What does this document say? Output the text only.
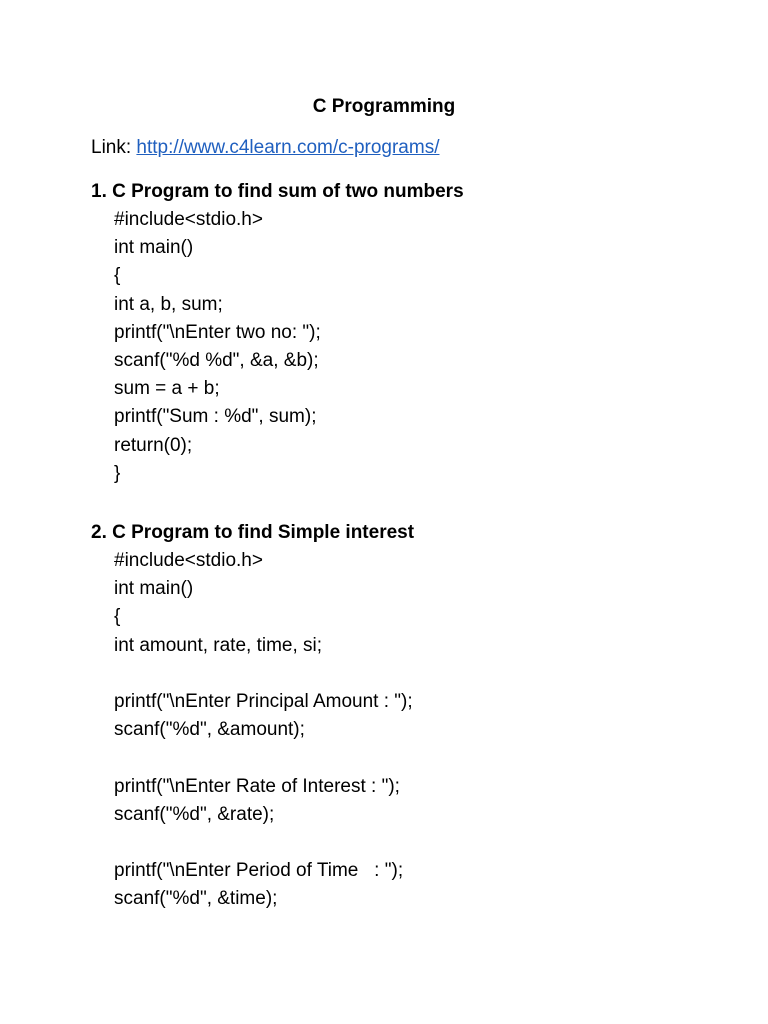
C Programming
Link: http://www.c4learn.com/c-programs/
1. C Program to find sum of two numbers
#include<stdio.h>
int main()
{
int a, b, sum;
printf("\nEnter two no: ");
scanf("%d %d", &a, &b);
sum = a + b;
printf("Sum : %d", sum);
return(0);
}
2. C Program to find Simple interest
#include<stdio.h>
int main()
{
int amount, rate, time, si;
printf("\nEnter Principal Amount : ");
scanf("%d", &amount);
printf("\nEnter Rate of Interest : ");
scanf("%d", &rate);
printf("\nEnter Period of Time   : ");
scanf("%d", &time);
